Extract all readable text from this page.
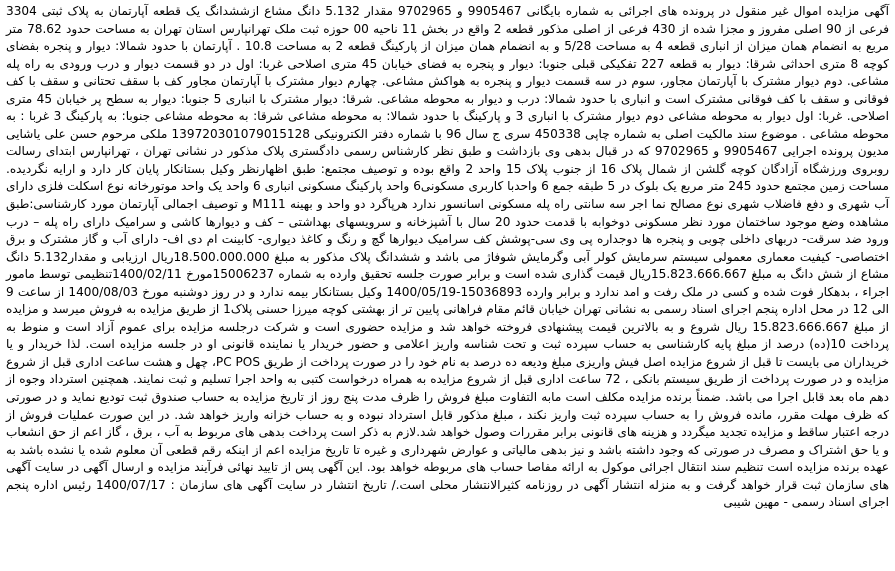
آگهی مزایده اموال غیر منقول در پرونده های اجرائی به شماره بایگانی 9905467 و 9702965 مقدار 5.132 دانگ مشاع ازششدانگ یک قطعه آپارتمان به پلاک ثبتی 3304 فرعی از 90 اصلی مفروز و مجزا شده از 430 فرعی از اصلی مذکور قطعه 2 واقع در بخش 11 ناحیه 00 حوزه ثبت ملک تهرانپارس استان تهران به مساحت حدود 78.62 متر مربع به انضمام همان میزان از انباری قطعه 4 به مساحت 5/28 و به انضمام همان میزان از پارکینگ قطعه 2 به مساحت 10.8 . آپارتمان با حدود شمالا: دیوار و پنجره بفضای کوچه 8 متری احداثی شرقا: دیوار به قطعه 227 تفکیکی قبلی جنوبا: دیوار و پنجره به فضای خیابان 45 متری اصلاحی غربا: اول در دو قسمت دیوار و درب ورودی به راه پله مشاعی. دوم دیوار مشترک با آپارتمان مجاور، سوم در سه قسمت دیوار و پنجره به هواکش مشاعی. چهارم دیوار مشترک با آپارتمان مجاور کف با سقف تحتانی و سقف با کف فوقانی و سقف با کف فوقانی مشترک است و انباری با حدود شمالا: درب و دیوار به محوطه مشاعی. شرقا: دیوار مشترک با انباری 5 جنوبا: دیوار به سطح پر خیابان 45 متری اصلاحی. غربا: اول دیوار به محوطه مشاعی دوم دیوار مشترک با انباری 3 و پارکینگ با حدود شمالا: به محوطه مشاعی شرقا: به محوطه مشاعی جنوبا: به پارکینگ 3 غربا : به محوطه مشاعی . موضوع سند مالکیت اصلی به شماره چاپی 450338 سری ج سال 96 با شماره دفتر الکترونیکی 139720301079015128 ملکی مرحوم حسن علی یاشایی مدیون پرونده اجرایی 9905467 و 9702965 که در قبال بدهی وی بازداشت و طبق نظر کارشناس رسمی دادگستری پلاک مذکور در نشانی تهران ، تهرانپارس ابتدای رسالت روبروی ورزشگاه آزادگان کوچه گلشن از شمال پلاک 16 از جنوب پلاک 15 واحد 2 واقع بوده و توصیف مجتمع: طبق اظهارنظر وکیل بستانکار پایان کار دارد و ارایه نگردیده. مساحت زمین مجتمع حدود 245 متر مربع یک بلوک در 5 طبقه جمع 6 واحدبا کاربری مسکونی6 واحد پارکینگ مسکونی انباری 6 واحد یک واحد موتورخانه نوع اسکلت فلزی دارای آب شهری و دفع فاضلاب شهری نوع مصالح نما اجر سه سانتی راه پله مسکونی اسانسور ندارد هرپاگرد دو واحد و بهینه M111 و توصیف اجمالی آپارتمان مورد کارشناسی:طبق مشاهده وضع موجود ساختمان مورد نظر مسکونی دوخوابه با قدمت حدود 20 سال با آشپزخانه و سرویسهای بهداشتی – کف و دیوارها کاشی و سرامیک دارای راه پله – درب ورود ضد سرقت- دربهای داخلی چوبی و پنجره ها دوجداره پی وی سی-پوشش کف سرامیک دیوارها گچ و رنگ و کاغذ دیواری- کابینت ام دی اف- دارای آب و گاز مشترک و برق اختصاصی- کیفیت معماری معمولی سیستم سرمایش کولر آبی وگرمایش شوفاژ می باشد و ششدانگ پلاک مذکور به مبلغ 18.500.000.000ریال ارزیابی و مقدار5.132 دانگ مشاع از شش دانگ به مبلغ 15.823.666.667ریال قیمت گذاری شده است و برابر صورت جلسه تحقیق وارده به شماره 15006237مورخ 1400/02/11تنظیمی توسط مامور اجراء ، بدهکار فوت شده و کسی در ملک رفت و امد ندارد و برابر وارده 15036893-1400/05/19 وکیل بستانکار بیمه ندارد و در روز دوشنبه مورخ 1400/08/03 از ساعت 9 الی 12 در محل اداره پنجم اجرای اسناد رسمی به نشانی تهران خیابان قائم مقام فراهانی پایین تر از بهشتی کوچه میرزا حسنی پلاک1 از طریق مزایده به فروش میرسد و مزایده از مبلغ 15.823.666.667 ریال شروع و به بالاترین قیمت پیشنهادی فروخته خواهد شد و مزایده حضوری است و شرکت درجلسه مزایده برای عموم آزاد است و منوط به پرداخت 10(ده) درصد از مبلغ پایه کارشناسی به حساب سپرده ثبت و تحت شناسه واریز اعلامی و حضور خریدار یا نماینده قانونی او در جلسه مزایده است. لذا خریدار و یا خریداران می بایست تا قبل از شروع مزایده اصل فیش واریزی مبلغ ودیعه ده درصد به نام خود را در صورت پرداخت از طریق PC POS، چهل و هشت ساعت اداری قبل از شروع مزایده و در صورت پرداخت از طریق سیستم بانکی ، 72 ساعت اداری قبل از شروع مزایده به همراه درخواست کتبی به واحد اجرا تسلیم و ثبت نمایند. همچنین استرداد وجوه از دهم ماه بعد قابل اجرا می باشد. ضمناً برنده مزایده مکلف است مابه التفاوت مبلغ فروش را ظرف مدت پنج روز از تاریخ مزایده به حساب صندوق ثبت تودیع نماید و در صورتی که ظرف مهلت مقرر، مانده فروش را به حساب سپرده ثبت واریز نکند ، مبلغ مذکور قابل استرداد نبوده و به حساب خزانه واریز خواهد شد. در این صورت عملیات فروش از درجه اعتبار ساقط و مزایده تجدید میگردد و هزینه های قانونی برابر مقررات وصول خواهد شد.لازم به ذکر است پرداخت بدهی های مربوط به آب ، برق ، گاز اعم از حق انشعاب و یا حق اشتراک و مصرف در صورتی که وجود داشته باشد و نیز بدهی مالیاتی و عوارض شهرداری و غیره تا تاریخ مزایده اعم از اینکه رقم قطعی آن معلوم شده یا نشده باشد به عهده برنده مزایده است تنظیم سند انتقال اجرائی موکول به ارائه مفاصا حساب های مربوطه خواهد بود. این آگهی پس از تایید نهائی فرآیند مزایده و ارسال آگهی در سایت آگهی های سازمان ثبت قرار خواهد گرفت و به منزله انتشار آگهی در روزنامه کثیرالانتشار محلی است./ تاریخ انتشار در سایت آگهی های سازمان : 1400/07/17 رئیس اداره پنجم اجرای اسناد رسمی - مهین شیبی
